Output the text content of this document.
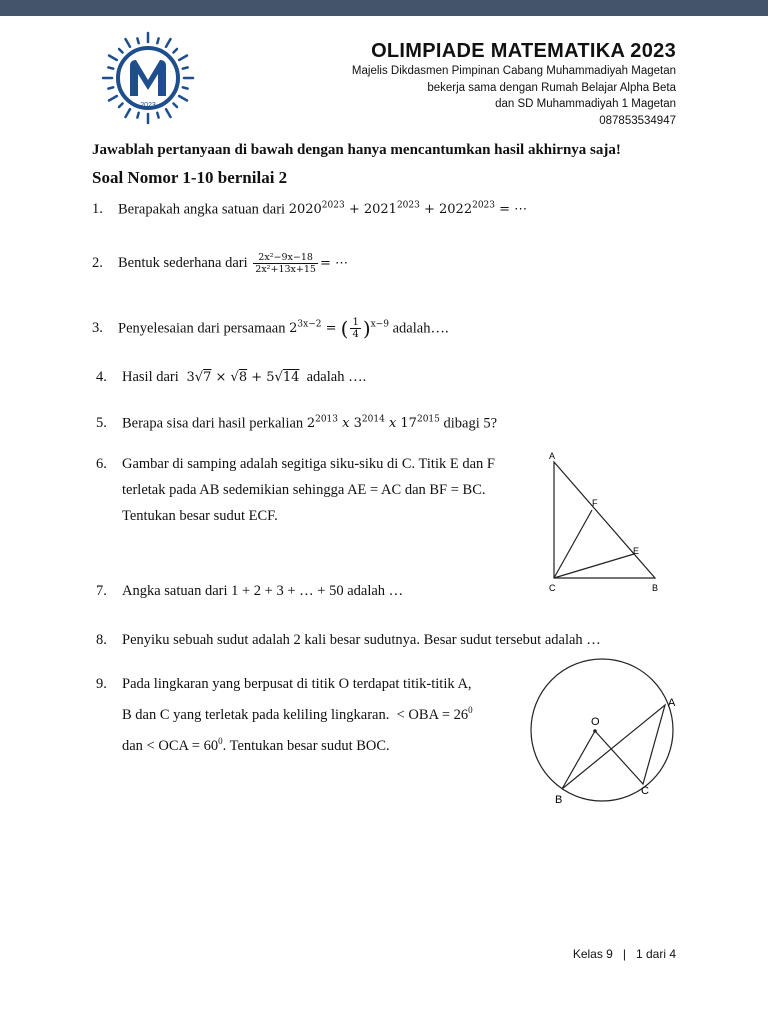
2023
OLIMPIADE MATEMATIKA 2023
Majelis Dikdasmen Pimpinan Cabang Muhammadiyah Magetan
bekerja sama dengan Rumah Belajar Alpha Beta
dan SD Muhammadiyah 1 Magetan
087853534947
Jawablah pertanyaan di bawah dengan hanya mencantumkan hasil akhirnya saja!
Soal Nomor 1-10 bernilai 2
1. Berapakah angka satuan dari $2020^{2023} + 2021^{2023} + 2022^{2023}$ = ⋯
2. Bentuk sederhana dari $\frac{\text{2x²−9x−18}}{\text{2x²+13x+15}}$ = ⋯
3. Penyelesaian dari persamaan $2^{3x-2}$ = ( $\frac{1}{4} )^{x-9}$ adalah….
4. Hasil dari  3√7 × √8 + 5√14 adalah ….
5. Berapa sisa dari hasil perkalian $2^{2013}$ x $3^{2014}$ x $17^{2015}$ dibagi 5?
6. Gambar di samping adalah segitiga siku-siku di C. Titik E dan F
terletak pada AB sedemikian sehingga AE = AC dan BF = BC.
Tentukan besar sudut ECF.
A
F
E
C	B
7. Angka satuan dari 1 + 2 + 3 + … + 50 adalah …
8. Penyiku sebuah sudut adalah 2 kali besar sudutnya. Besar sudut tersebut adalah …
9. Pada lingkaran yang berpusat di titik O terdapat titik-titik A,
B dan C yang terletak pada keliling lingkaran.  < OBA = $26^0$
dan < OCA = $60^0$. Tentukan besar sudut BOC.
O
A
B
C
Kelas 9 | 1 dari 4
